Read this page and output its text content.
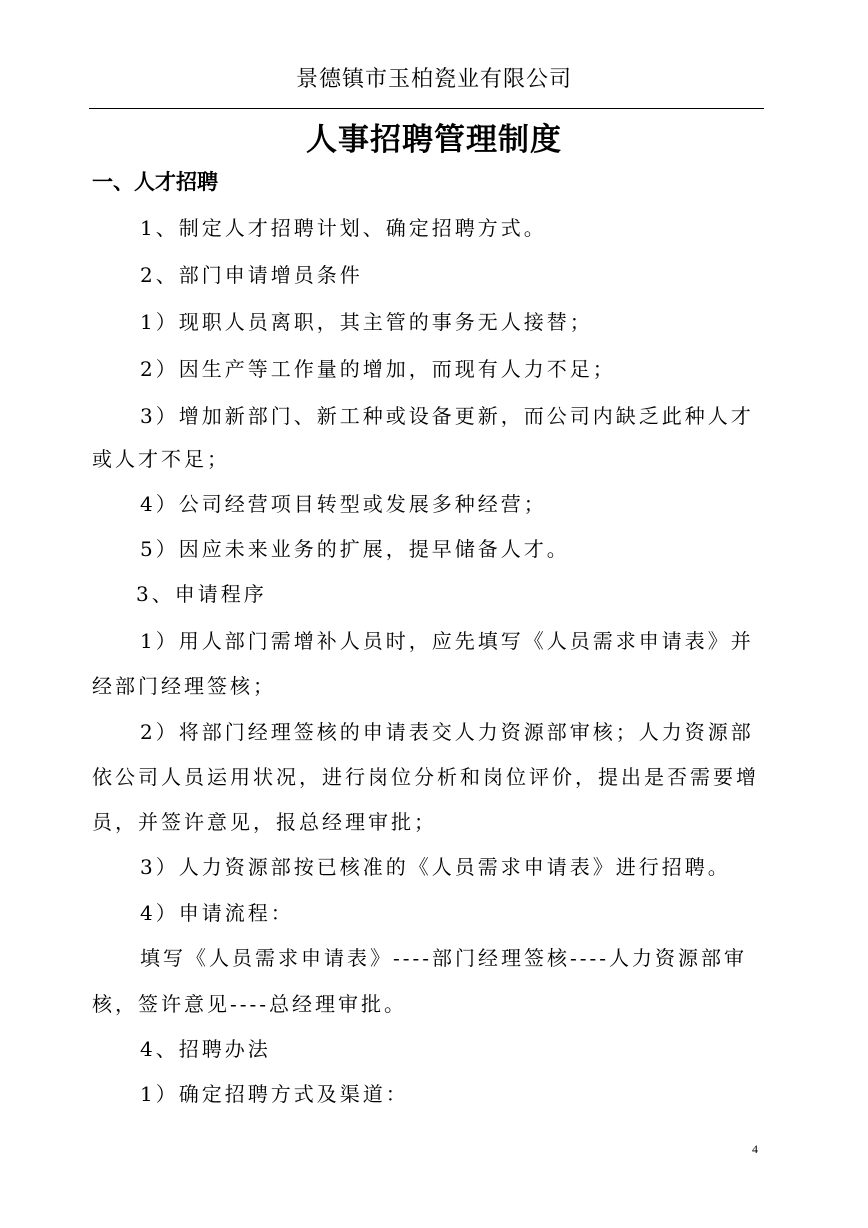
景德镇市玉柏瓷业有限公司
人事招聘管理制度
一、人才招聘
1、制定人才招聘计划、确定招聘方式。
2、部门申请增员条件
1）现职人员离职，其主管的事务无人接替；
2）因生产等工作量的增加，而现有人力不足；
3）增加新部门、新工种或设备更新，而公司内缺乏此种人才
或人才不足；
4）公司经营项目转型或发展多种经营；
5）因应未来业务的扩展，提早储备人才。
3、申请程序
1）用人部门需增补人员时，应先填写《人员需求申请表》并
经部门经理签核；
2）将部门经理签核的申请表交人力资源部审核；人力资源部
依公司人员运用状况，进行岗位分析和岗位评价，提出是否需要增
员，并签许意见，报总经理审批；
3）人力资源部按已核准的《人员需求申请表》进行招聘。
4）申请流程：
填写《人员需求申请表》----部门经理签核----人力资源部审
核，签许意见----总经理审批。
4、招聘办法
1）确定招聘方式及渠道：
4
